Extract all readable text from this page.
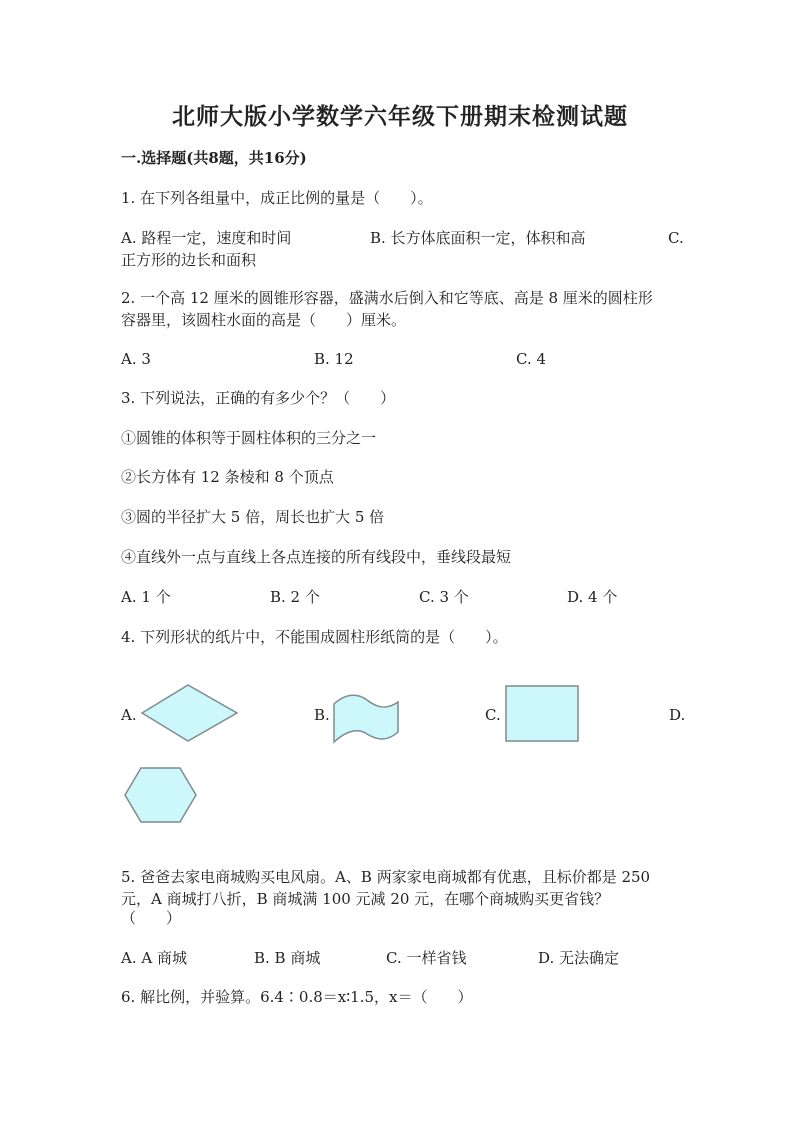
北师大版小学数学六年级下册期末检测试题
一.选择题(共8题，共16分)
1. 在下列各组量中，成正比例的量是（　　）。
A. 路程一定，速度和时间	B. 长方体底面积一定，体积和高	C.
正方形的边长和面积
2. 一个高 12 厘米的圆锥形容器，盛满水后倒入和它等底、高是 8 厘米的圆柱形
容器里，该圆柱水面的高是（　　）厘米。
A. 3	B. 12	C. 4
3. 下列说法，正确的有多少个？（　　）
①圆锥的体积等于圆柱体积的三分之一
②长方体有 12 条棱和 8 个顶点
③圆的半径扩大 5 倍，周长也扩大 5 倍
④直线外一点与直线上各点连接的所有线段中，垂线段最短
A. 1 个	B. 2 个	C. 3 个	D. 4 个
4. 下列形状的纸片中，不能围成圆柱形纸筒的是（　　）。
A.	B.	C.	D.
5. 爸爸去家电商城购买电风扇。A、B 两家家电商城都有优惠，且标价都是 250
元，A 商城打八折，B 商城满 100 元减 20 元，在哪个商城购买更省钱？
（　　）
A. A 商城	B. B 商城	C. 一样省钱	D. 无法确定
6. 解比例，并验算。6.4∶0.8＝x∶1.5，x＝（　　）
